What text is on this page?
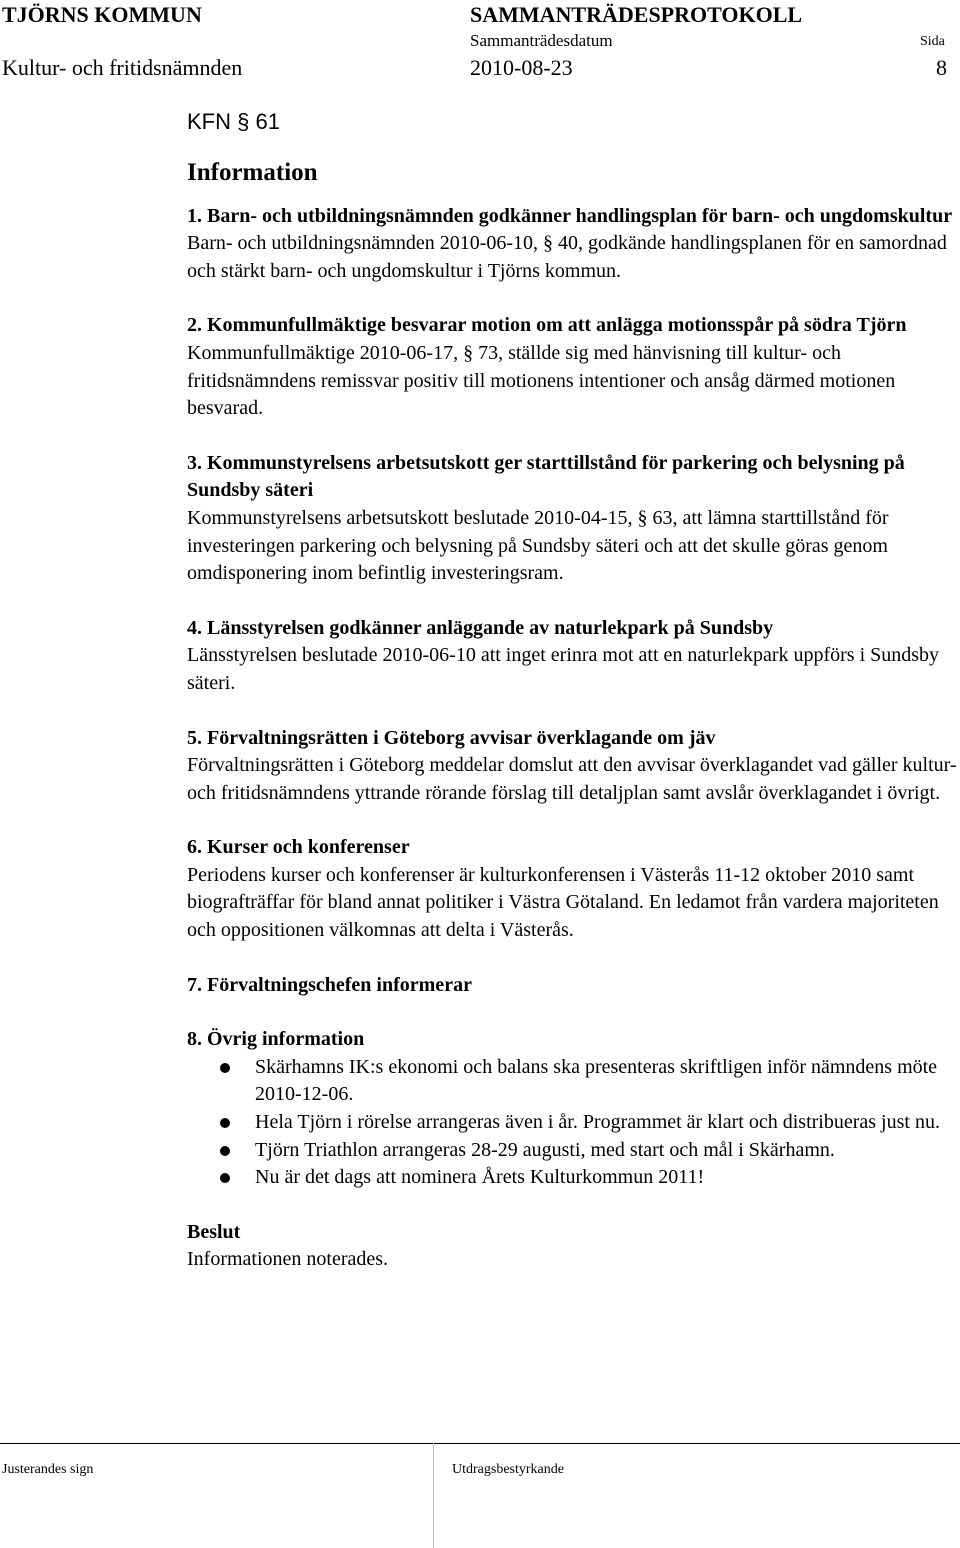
TJÖRNS KOMMUN	SAMMANTRÄDESPROTOKOLL
Sammanträdesdatum	Sida
Kultur- och fritidsnämnden	2010-08-23	8
KFN § 61
Information
1. Barn- och utbildningsnämnden godkänner handlingsplan för barn- och ungdomskultur
Barn- och utbildningsnämnden 2010-06-10, § 40, godkände handlingsplanen för en samordnad och stärkt barn- och ungdomskultur i Tjörns kommun.
2. Kommunfullmäktige besvarar motion om att anlägga motionsspår på södra Tjörn
Kommunfullmäktige 2010-06-17, § 73, ställde sig med hänvisning till kultur- och fritidsnämndens remissvar positiv till motionens intentioner och ansåg därmed motionen besvarad.
3. Kommunstyrelsens arbetsutskott ger starttillstånd för parkering och belysning på Sundsby säteri
Kommunstyrelsens arbetsutskott beslutade 2010-04-15, § 63, att lämna starttillstånd för investeringen parkering och belysning på Sundsby säteri och att det skulle göras genom omdisponering inom befintlig investeringsram.
4. Länsstyrelsen godkänner anläggande av naturlekpark på Sundsby
Länsstyrelsen beslutade 2010-06-10 att inget erinra mot att en naturlekpark uppförs i Sundsby säteri.
5. Förvaltningsrätten i Göteborg avvisar överklagande om jäv
Förvaltningsrätten i Göteborg meddelar domslut att den avvisar överklagandet vad gäller kultur- och fritidsnämndens yttrande rörande förslag till detaljplan samt avslår överklagandet i övrigt.
6. Kurser och konferenser
Periodens kurser och konferenser är kulturkonferensen i Västerås 11-12 oktober 2010 samt biografträffar för bland annat politiker i Västra Götaland. En ledamot från vardera majoriteten och oppositionen välkomnas att delta i Västerås.
7. Förvaltningschefen informerar
8. Övrig information
Skärhamns IK:s ekonomi och balans ska presenteras skriftligen inför nämndens möte 2010-12-06.
Hela Tjörn i rörelse arrangeras även i år. Programmet är klart och distribueras just nu.
Tjörn Triathlon arrangeras 28-29 augusti, med start och mål i Skärhamn.
Nu är det dags att nominera Årets Kulturkommun 2011!
Beslut
Informationen noterades.
Justerandes sign	Utdragsbestyrkande
